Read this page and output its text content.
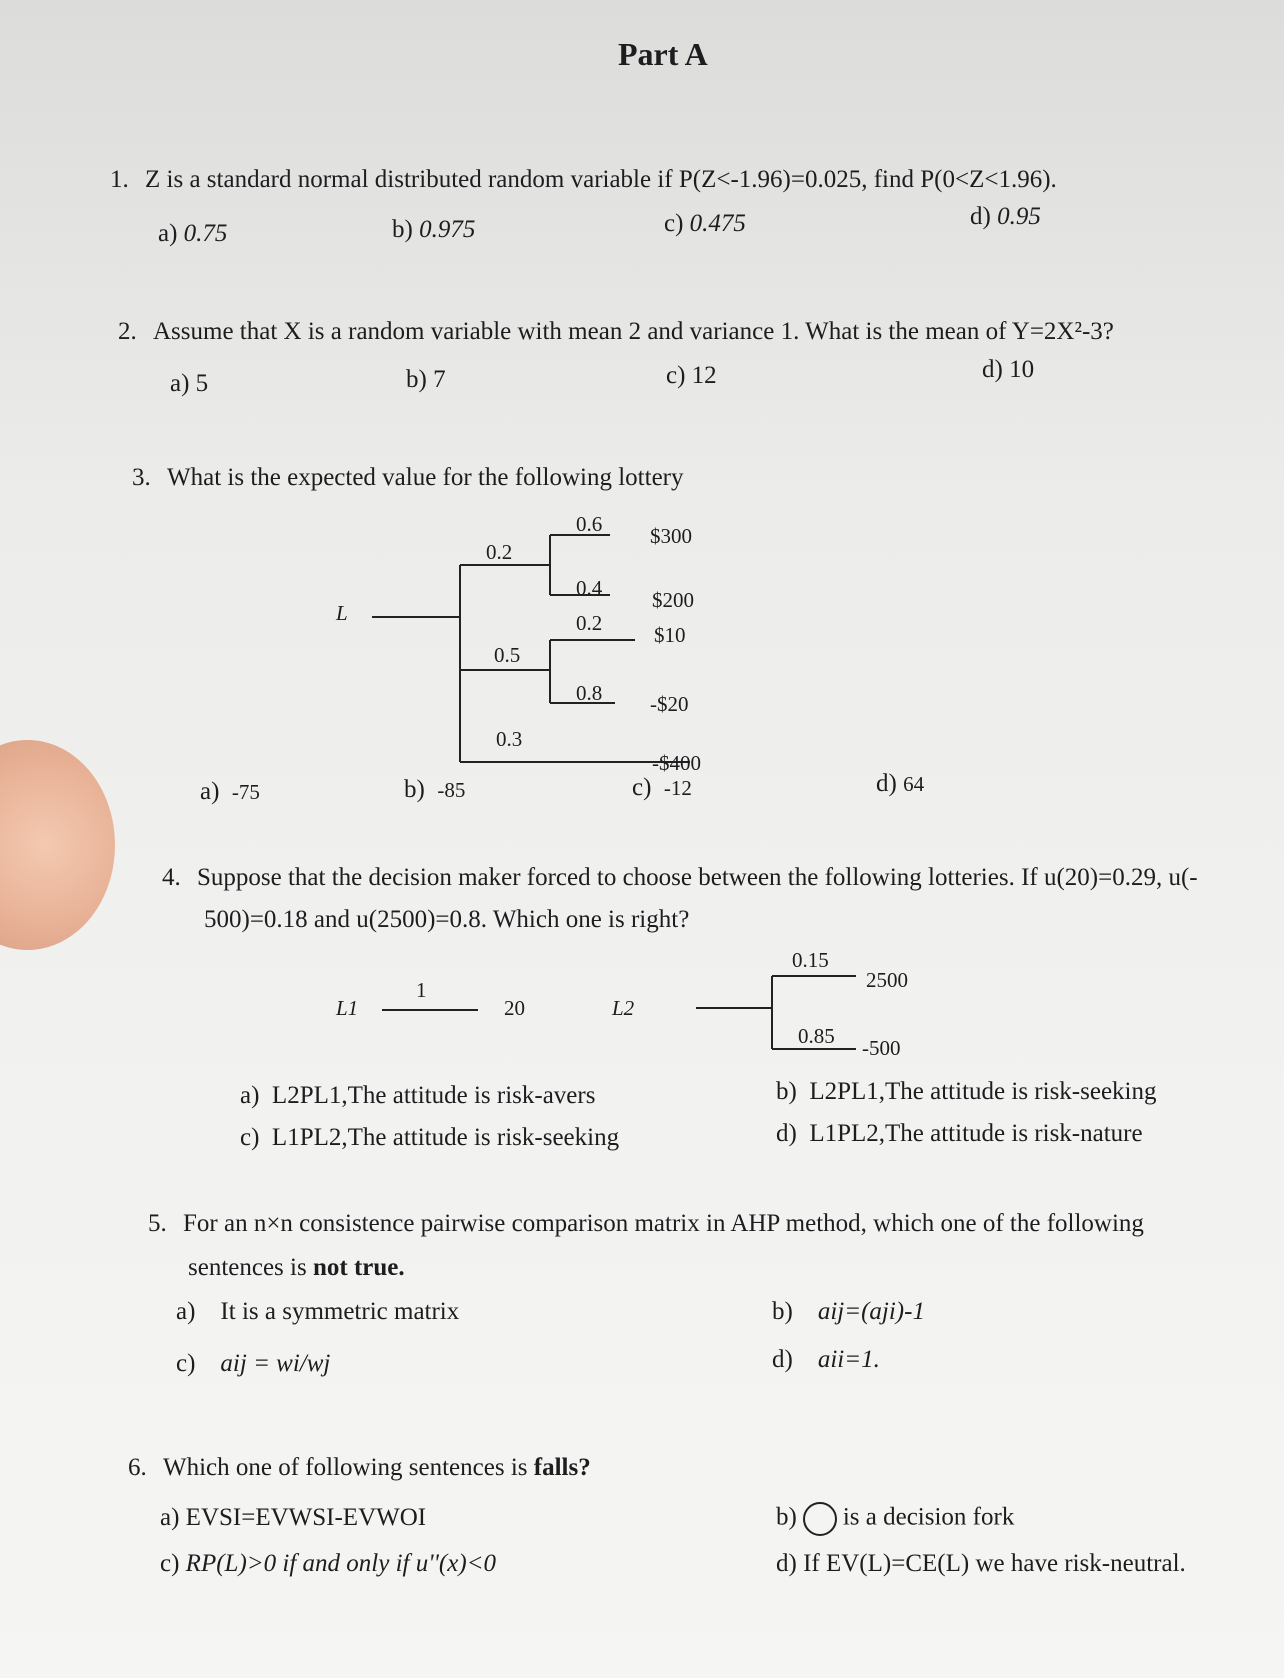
Part A
1. Z is a standard normal distributed random variable if P(Z<-1.96)=0.025, find P(0<Z<1.96).
a) 0.75	b) 0.975	c) 0.475	d) 0.95
2. Assume that X is a random variable with mean 2 and variance 1. What is the mean of Y=2X²-3?
a) 5	b) 7	c) 12	d) 10
3. What is the expected value for the following lottery
L
0.2
0.5
0.3
0.6
0.4
0.2
0.8
$300
$200
$10
-$20
-$400
a) -75	b) -85	c) -12	d) 64
4. Suppose that the decision maker forced to choose between the following lotteries. If u(20)=0.29, u(-
500)=0.18 and u(2500)=0.8. Which one is right?
L1
1
20	L2
0.15
0.85
2500
-500
a) L2PL1,The attitude is risk-avers	b) L2PL1,The attitude is risk-seeking
c) L1PL2,The attitude is risk-seeking	d) L1PL2,The attitude is risk-nature
5. For an n×n consistence pairwise comparison matrix in AHP method, which one of the following
sentences is not true.
a) It is a symmetric matrix	b) aij=(aji)-1
c) aij = wi/wj	d) aii=1.
6. Which one of following sentences is falls?
a) EVSI=EVWSI-EVWOI	b) is a decision fork
c) RP(L)>0 if and only if u''(x)<0	d) If EV(L)=CE(L) we have risk-neutral.
